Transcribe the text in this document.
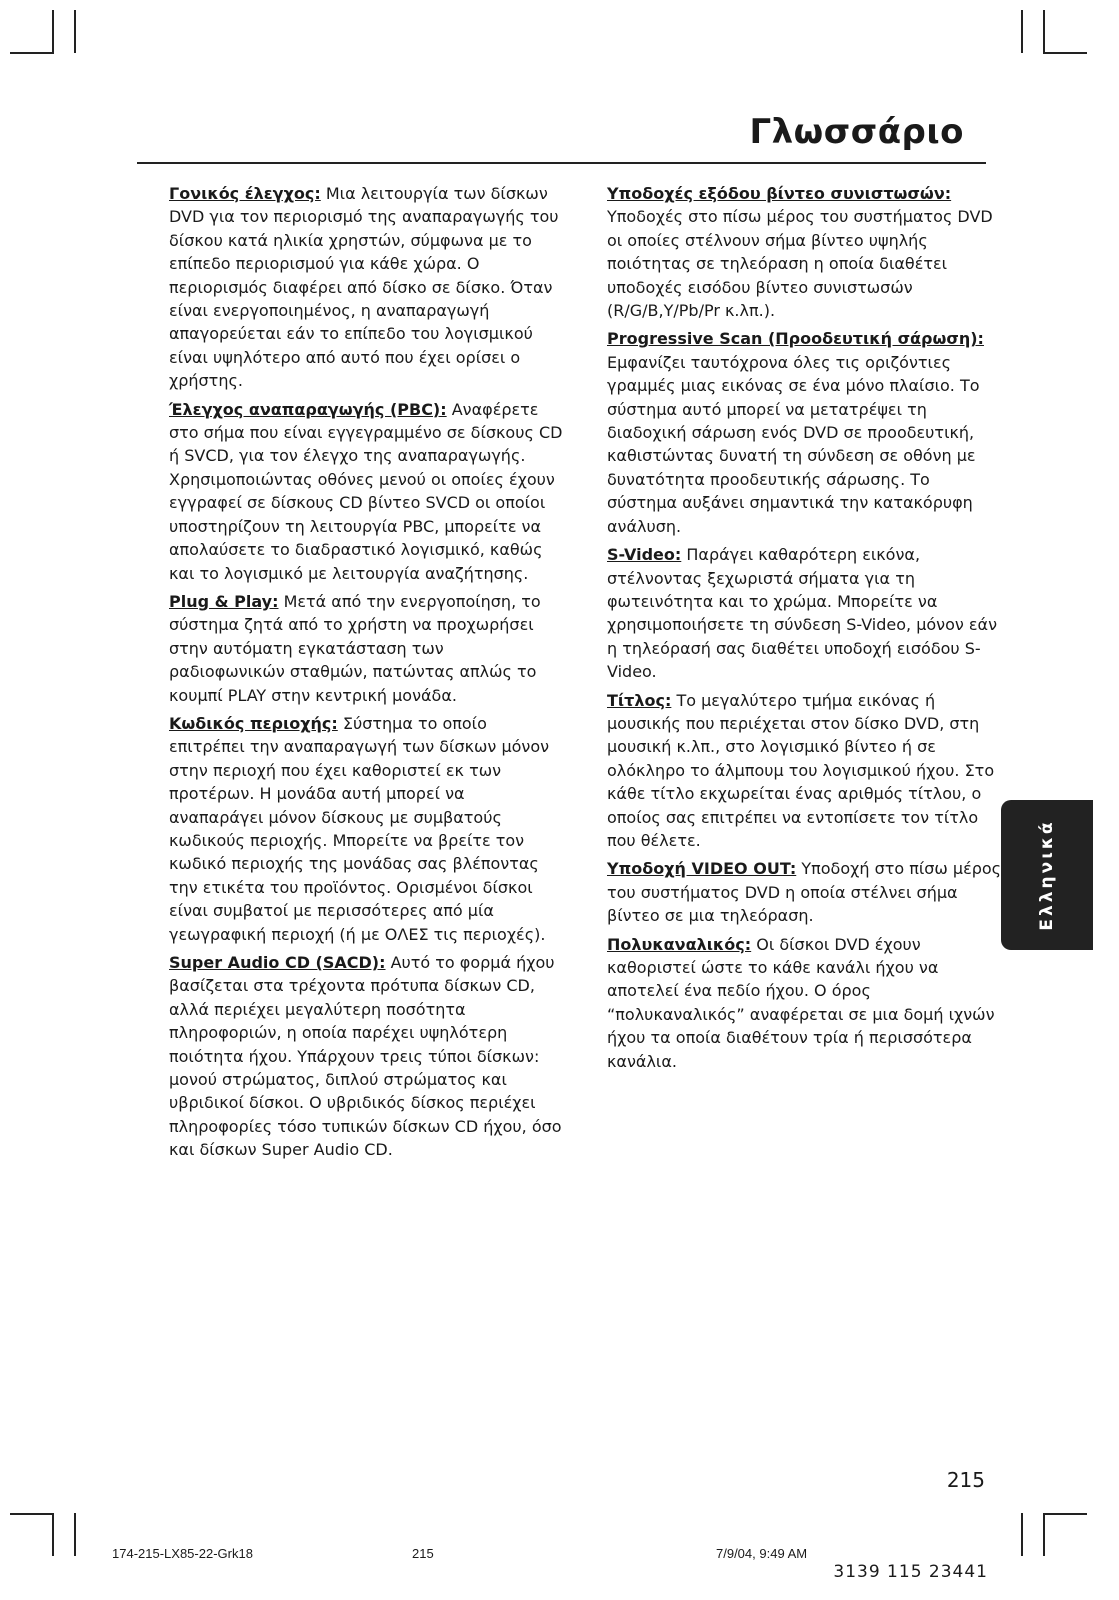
Γλωσσάριο

Γονικός έλεγχος: Μια λειτουργία των δίσκων DVD για τον περιορισμό της αναπαραγωγής του δίσκου κατά ηλικία χρηστών, σύμφωνα με το επίπεδο περιορισμού για κάθε χώρα. Ο περιορισμός διαφέρει από δίσκο σε δίσκο. Όταν είναι ενεργοποιημένος, η αναπαραγωγή απαγορεύεται εάν το επίπεδο του λογισμικού είναι υψηλότερο από αυτό που έχει ορίσει ο χρήστης.

Έλεγχος αναπαραγωγής (PBC): Αναφέρετε στο σήμα που είναι εγγεγραμμένο σε δίσκους CD ή SVCD, για τον έλεγχο της αναπαραγωγής. Χρησιμοποιώντας οθόνες μενού οι οποίες έχουν εγγραφεί σε δίσκους CD βίντεο SVCD οι οποίοι υποστηρίζουν τη λειτουργία PBC, μπορείτε να απολαύσετε το διαδραστικό λογισμικό, καθώς και το λογισμικό με λειτουργία αναζήτησης.

Plug & Play: Μετά από την ενεργοποίηση, το σύστημα ζητά από το χρήστη να προχωρήσει στην αυτόματη εγκατάσταση των ραδιοφωνικών σταθμών, πατώντας απλώς το κουμπί PLAY στην κεντρική μονάδα.

Κωδικός περιοχής: Σύστημα το οποίο επιτρέπει την αναπαραγωγή των δίσκων μόνον στην περιοχή που έχει καθοριστεί εκ των προτέρων. Η μονάδα αυτή μπορεί να αναπαράγει μόνον δίσκους με συμβατούς κωδικούς περιοχής. Μπορείτε να βρείτε τον κωδικό περιοχής της μονάδας σας βλέποντας την ετικέτα του προϊόντος. Ορισμένοι δίσκοι είναι συμβατοί με περισσότερες από μία γεωγραφική περιοχή (ή με ΟΛΕΣ τις περιοχές).

Super Audio CD (SACD): Αυτό το φορμά ήχου βασίζεται στα τρέχοντα πρότυπα δίσκων CD, αλλά περιέχει μεγαλύτερη ποσότητα πληροφοριών, η οποία παρέχει υψηλότερη ποιότητα ήχου. Υπάρχουν τρεις τύποι δίσκων: μονού στρώματος, διπλού στρώματος και υβριδικοί δίσκοι. Ο υβριδικός δίσκος περιέχει πληροφορίες τόσο τυπικών δίσκων CD ήχου, όσο και δίσκων Super Audio CD.

Υποδοχές εξόδου βίντεο συνιστωσών: Υποδοχές στο πίσω μέρος του συστήματος DVD οι οποίες στέλνουν σήμα βίντεο υψηλής ποιότητας σε τηλεόραση η οποία διαθέτει υποδοχές εισόδου βίντεο συνιστωσών (R/G/B,Y/Pb/Pr κ.λπ.).

Progressive Scan (Προοδευτική σάρωση): Εμφανίζει ταυτόχρονα όλες τις οριζόντιες γραμμές μιας εικόνας σε ένα μόνο πλαίσιο. Το σύστημα αυτό μπορεί να μετατρέψει τη διαδοχική σάρωση ενός DVD σε προοδευτική, καθιστώντας δυνατή τη σύνδεση σε οθόνη με δυνατότητα προοδευτικής σάρωσης. Το σύστημα αυξάνει σημαντικά την κατακόρυφη ανάλυση.

S-Video: Παράγει καθαρότερη εικόνα, στέλνοντας ξεχωριστά σήματα για τη φωτεινότητα και το χρώμα. Μπορείτε να χρησιμοποιήσετε τη σύνδεση S-Video, μόνον εάν η τηλεόρασή σας διαθέτει υποδοχή εισόδου S-Video.

Τίτλος: Το μεγαλύτερο τμήμα εικόνας ή μουσικής που περιέχεται στον δίσκο DVD, στη μουσική κ.λπ., στο λογισμικό βίντεο ή σε ολόκληρο το άλμπουμ του λογισμικού ήχου. Στο κάθε τίτλο εκχωρείται ένας αριθμός τίτλου, ο οποίος σας επιτρέπει να εντοπίσετε τον τίτλο που θέλετε.

Υποδοχή VIDEO OUT: Υποδοχή στο πίσω μέρος του συστήματος DVD η οποία στέλνει σήμα βίντεο σε μια τηλεόραση.

Πολυκαναλικός: Οι δίσκοι DVD έχουν καθοριστεί ώστε το κάθε κανάλι ήχου να αποτελεί ένα πεδίο ήχου. Ο όρος “πολυκαναλικός” αναφέρεται σε μια δομή ιχνών ήχου τα οποία διαθέτουν τρία ή περισσότερα κανάλια.

Ελληνικά
215
174-215-LX85-22-Grk18	215	7/9/04, 9:49 AM
3139 115 23441
